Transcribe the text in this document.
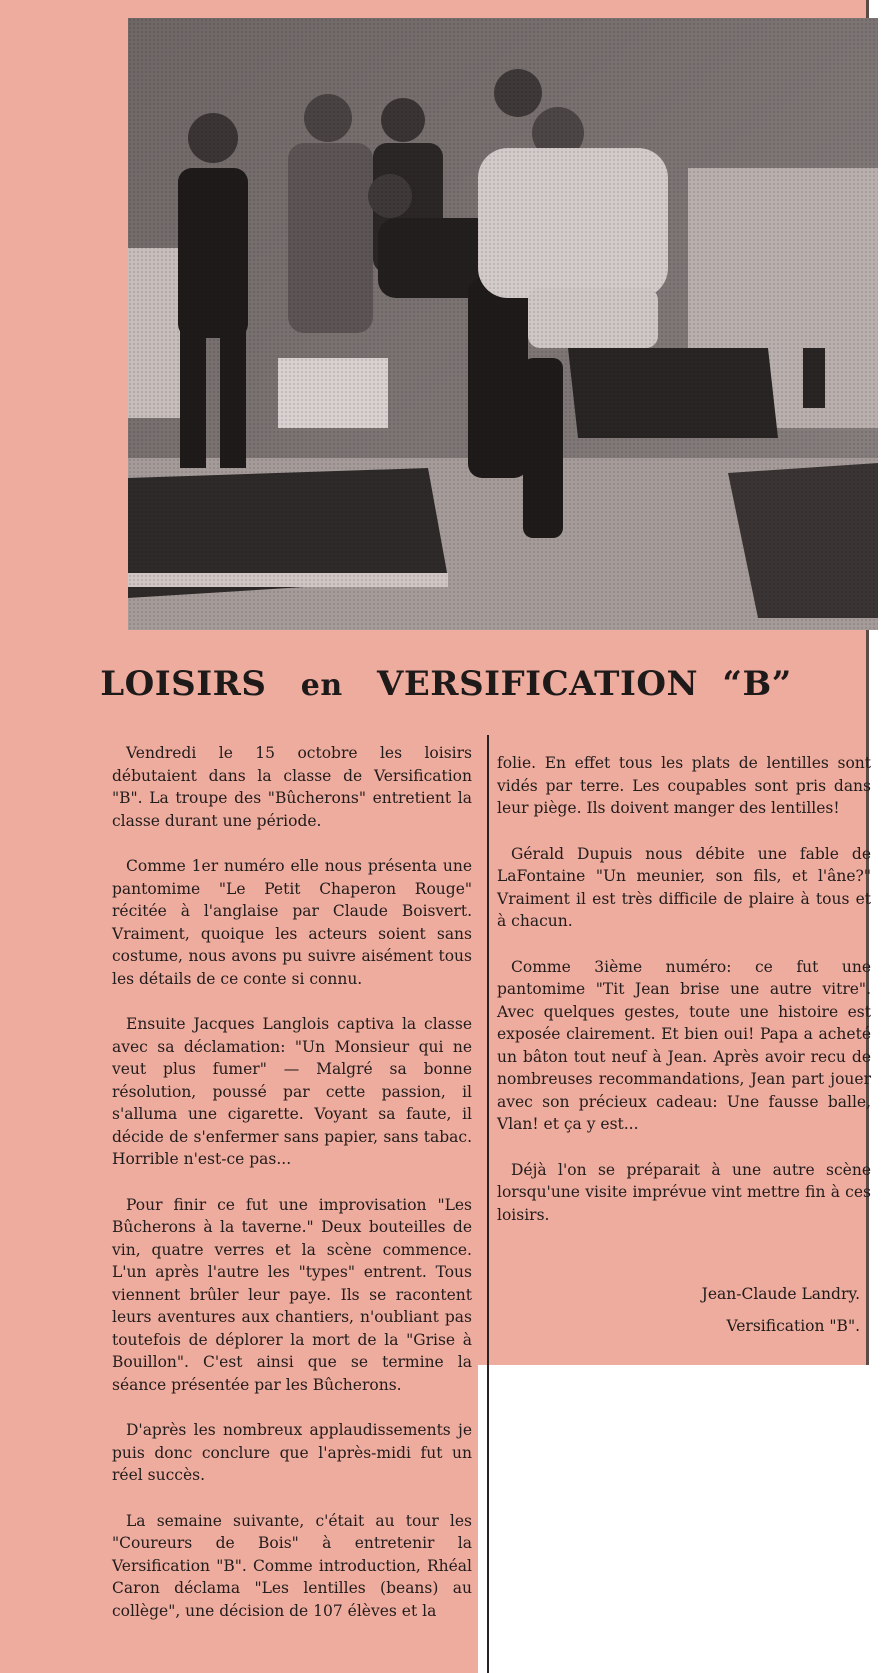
LOISIRS en VERSIFICATION “B”

Vendredi le 15 octobre les loisirs débutaient dans la classe de Versification "B". La troupe des "Bûcherons" entretient la classe durant une période.

Comme 1er numéro elle nous présenta une pantomime "Le Petit Chaperon Rouge" récitée à l'anglaise par Claude Boisvert. Vraiment, quoique les acteurs soient sans costume, nous avons pu suivre aisément tous les détails de ce conte si connu.

Ensuite Jacques Langlois captiva la classe avec sa déclamation: "Un Monsieur qui ne veut plus fumer" — Malgré sa bonne résolution, poussé par cette passion, il s'alluma une cigarette. Voyant sa faute, il décide de s'enfermer sans papier, sans tabac. Horrible n'est-ce pas...

Pour finir ce fut une improvisation "Les Bûcherons à la taverne." Deux bouteilles de vin, quatre verres et la scène commence. L'un après l'autre les "types" entrent. Tous viennent brûler leur paye. Ils se racontent leurs aventures aux chantiers, n'oubliant pas toutefois de déplorer la mort de la "Grise à Bouillon". C'est ainsi que se termine la séance présentée par les Bûcherons.

D'après les nombreux applaudissements je puis donc conclure que l'après-midi fut un réel succès.

La semaine suivante, c'était au tour les "Coureurs de Bois" à entretenir la Versification "B". Comme introduction, Rhéal Caron déclama "Les lentilles (beans) au collège", une décision de 107 élèves et la

folie. En effet tous les plats de lentilles sont vidés par terre. Les coupables sont pris dans leur piège. Ils doivent manger des lentilles!

Gérald Dupuis nous débite une fable de LaFontaine "Un meunier, son fils, et l'âne?" Vraiment il est très difficile de plaire à tous et à chacun.

Comme 3ième numéro: ce fut une pantomime "Tit Jean brise une autre vitre". Avec quelques gestes, toute une histoire est exposée clairement. Et bien oui! Papa a acheté un bâton tout neuf à Jean. Après avoir recu de nombreuses recommandations, Jean part jouer avec son précieux cadeau: Une fausse balle, Vlan! et ça y est...

Déjà l'on se préparait à une autre scène lorsqu'une visite imprévue vint mettre fin à ces loisirs.

Jean-Claude Landry.
Versification "B".
